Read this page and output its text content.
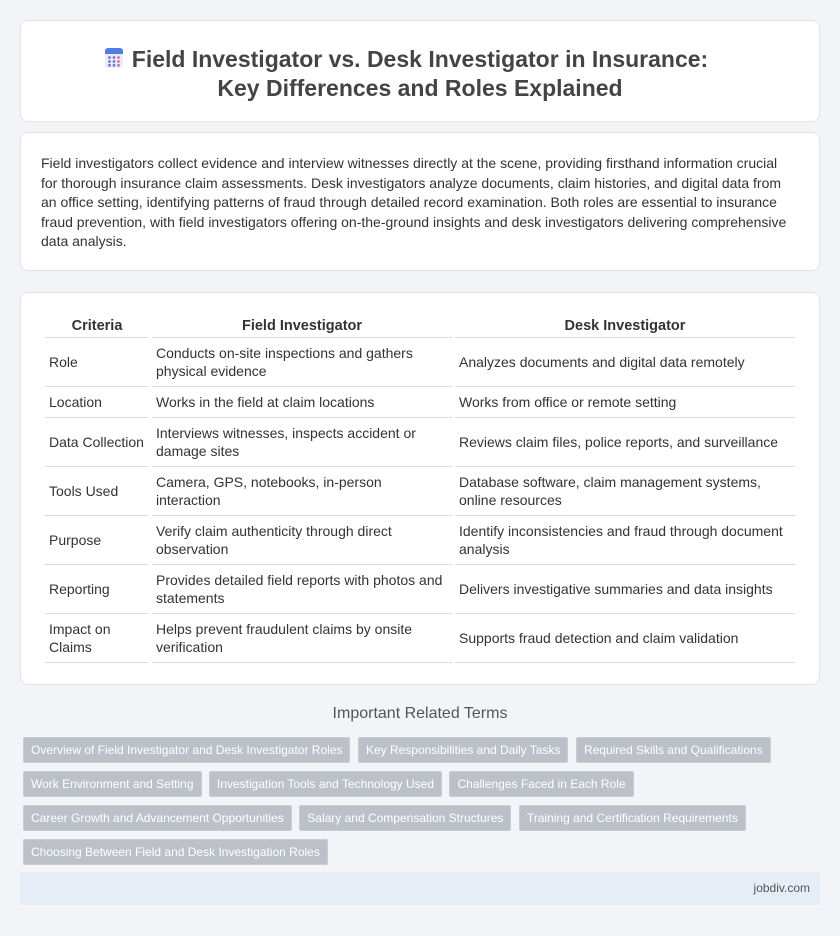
Field Investigator vs. Desk Investigator in Insurance: Key Differences and Roles Explained

Field investigators collect evidence and interview witnesses directly at the scene, providing firsthand information crucial for thorough insurance claim assessments. Desk investigators analyze documents, claim histories, and digital data from an office setting, identifying patterns of fraud through detailed record examination. Both roles are essential to insurance fraud prevention, with field investigators offering on-the-ground insights and desk investigators delivering comprehensive data analysis.

Criteria	Field Investigator	Desk Investigator
Role	Conducts on-site inspections and gathers physical evidence	Analyzes documents and digital data remotely
Location	Works in the field at claim locations	Works from office or remote setting
Data Collection	Interviews witnesses, inspects accident or damage sites	Reviews claim files, police reports, and surveillance
Tools Used	Camera, GPS, notebooks, in-person interaction	Database software, claim management systems, online resources
Purpose	Verify claim authenticity through direct observation	Identify inconsistencies and fraud through document analysis
Reporting	Provides detailed field reports with photos and statements	Delivers investigative summaries and data insights
Impact on Claims	Helps prevent fraudulent claims by onsite verification	Supports fraud detection and claim validation
Important Related Terms
Overview of Field Investigator and Desk Investigator Roles Key Responsibilities and Daily Tasks Required Skills and Qualifications Work Environment and Setting Investigation Tools and Technology Used Challenges Faced in Each Role Career Growth and Advancement Opportunities Salary and Compensation Structures Training and Certification Requirements Choosing Between Field and Desk Investigation Roles
jobdiv.com
